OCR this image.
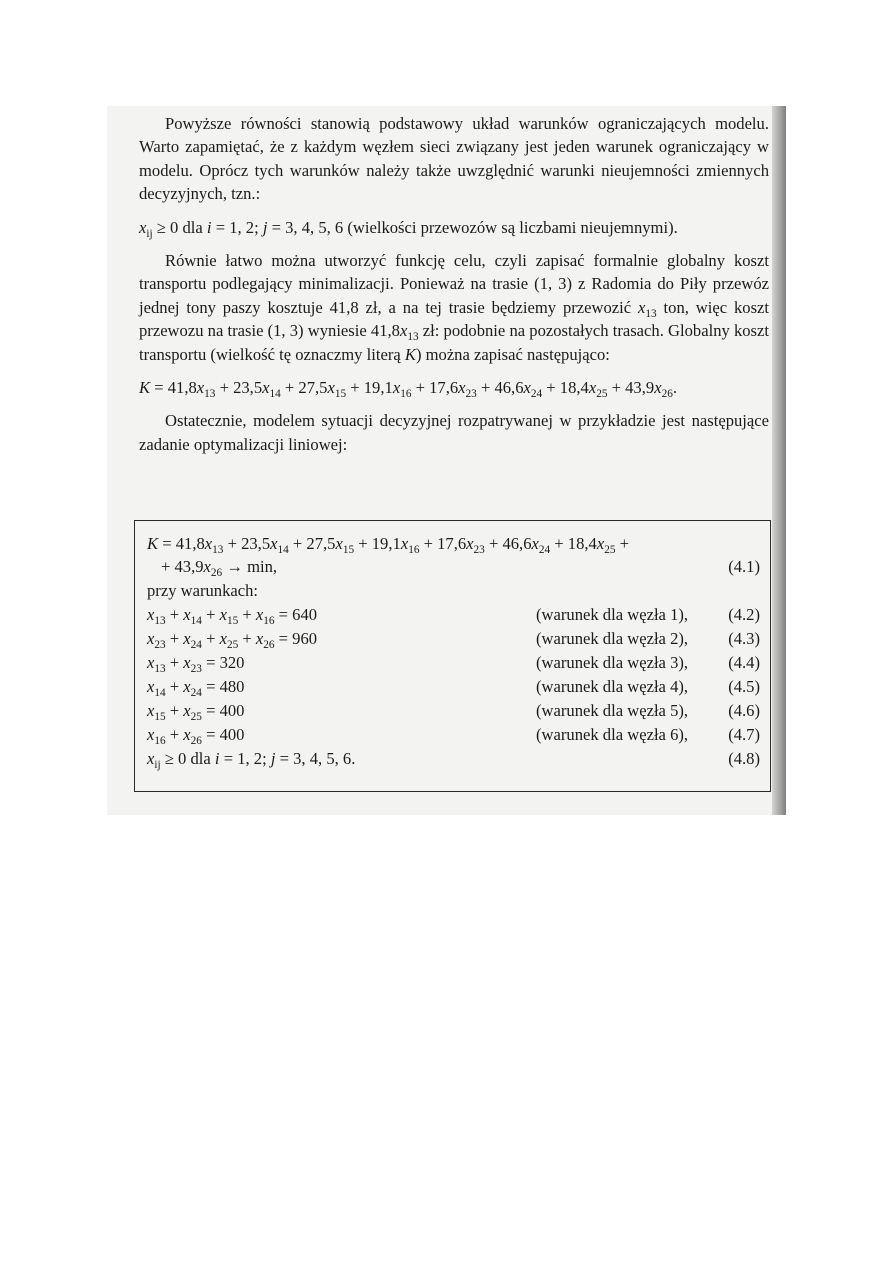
Powyższe równości stanowią podstawowy układ warunków ograniczających modelu. Warto zapamiętać, że z każdym węzłem sieci związany jest jeden warunek ograniczający w modelu. Oprócz tych warunków należy także uwzględnić warunki nieujemności zmiennych decyzyjnych, tzn.:

$x_{ij} \ge 0$ dla i = 1, 2; j = 3, 4, 5, 6 (wielkości przewozów są liczbami nieujemnymi).

Równie łatwo można utworzyć funkcję celu, czyli zapisać formalnie globalny koszt transportu podlegający minimalizacji. Ponieważ na trasie (1, 3) z Radomia do Piły przewóz jednej tony paszy kosztuje 41,8 zł, a na tej trasie będziemy przewozić $x_{13}$ ton, więc koszt przewozu na trasie (1, 3) wyniesie $41,8x_{13}$ zł: podobnie na pozostałych trasach. Globalny koszt transportu (wielkość tę oznaczmy literą K) można zapisać następująco:

$K = 41,8x_{13} + 23,5x_{14} + 27,5x_{15} + 19,1x_{16} + 17,6x_{23} + 46,6x_{24} + 18,4x_{25} + 43,9x_{26}$.

Ostatecznie, modelem sytuacji decyzyjnej rozpatrywanej w przykładzie jest następujące zadanie optymalizacji liniowej:

$K = 41,8x_{13} + 23,5x_{14} + 27,5x_{15} + 19,1x_{16} + 17,6x_{23} + 46,6x_{24} + 18,4x_{25}$ +
+ $43,9x_{26} \to \min$,	(4.1)
przy warunkach:
$x_{13} + x_{14} + x_{15} + x_{16} = 640$	(warunek dla węzła 1), (4.2)
$x_{23} + x_{24} + x_{25} + x_{26} = 960$	(warunek dla węzła 2), (4.3)
$x_{13} + x_{23} = 320$	(warunek dla węzła 3), (4.4)
$x_{14} + x_{24} = 480$	(warunek dla węzła 4), (4.5)
$x_{15} + x_{25} = 400$	(warunek dla węzła 5), (4.6)
$x_{16} + x_{26} = 400$	(warunek dla węzła 6), (4.7)
$x_{ij} \ge 0$ dla i = 1, 2; j = 3, 4, 5, 6.	(4.8)
